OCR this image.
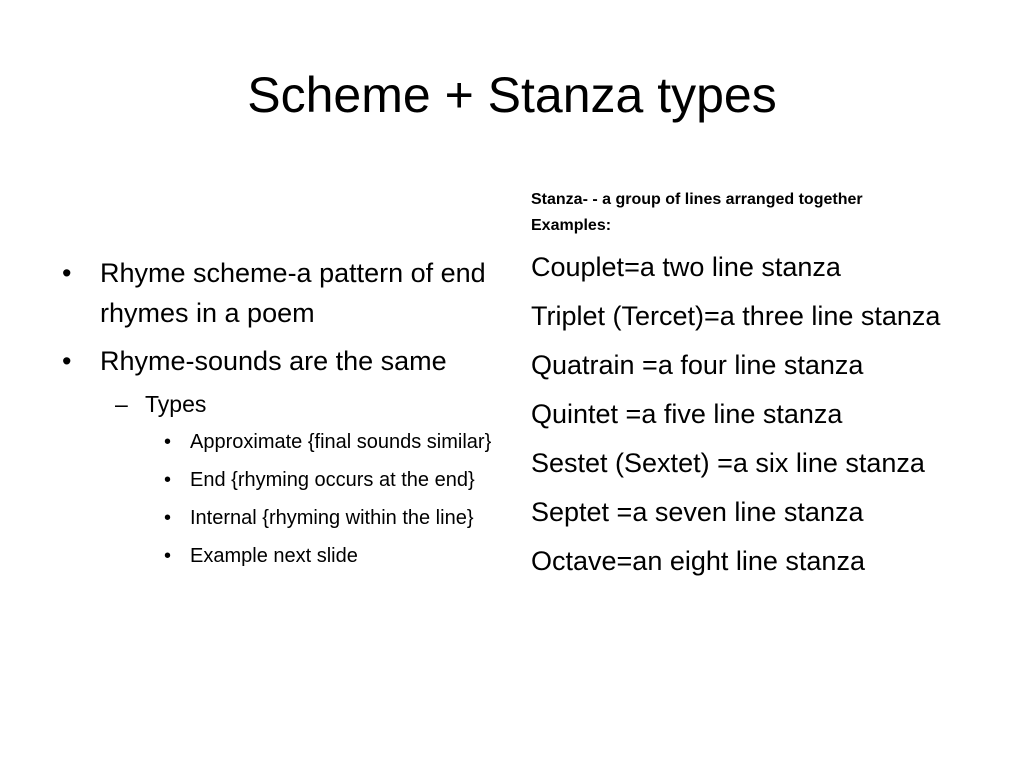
Scheme + Stanza types
• Rhyme scheme-a pattern of end rhymes in a poem
• Rhyme-sounds are the same
– Types
• Approximate {final sounds similar}
• End {rhyming occurs at the end}
• Internal {rhyming within the line}
• Example next slide
Stanza- - a group of lines arranged together
Examples:
Couplet=a two line stanza
Triplet (Tercet)=a three line stanza
Quatrain =a four line stanza
Quintet =a five line stanza
Sestet (Sextet) =a six line stanza
Septet =a seven line stanza
Octave=an eight line stanza
